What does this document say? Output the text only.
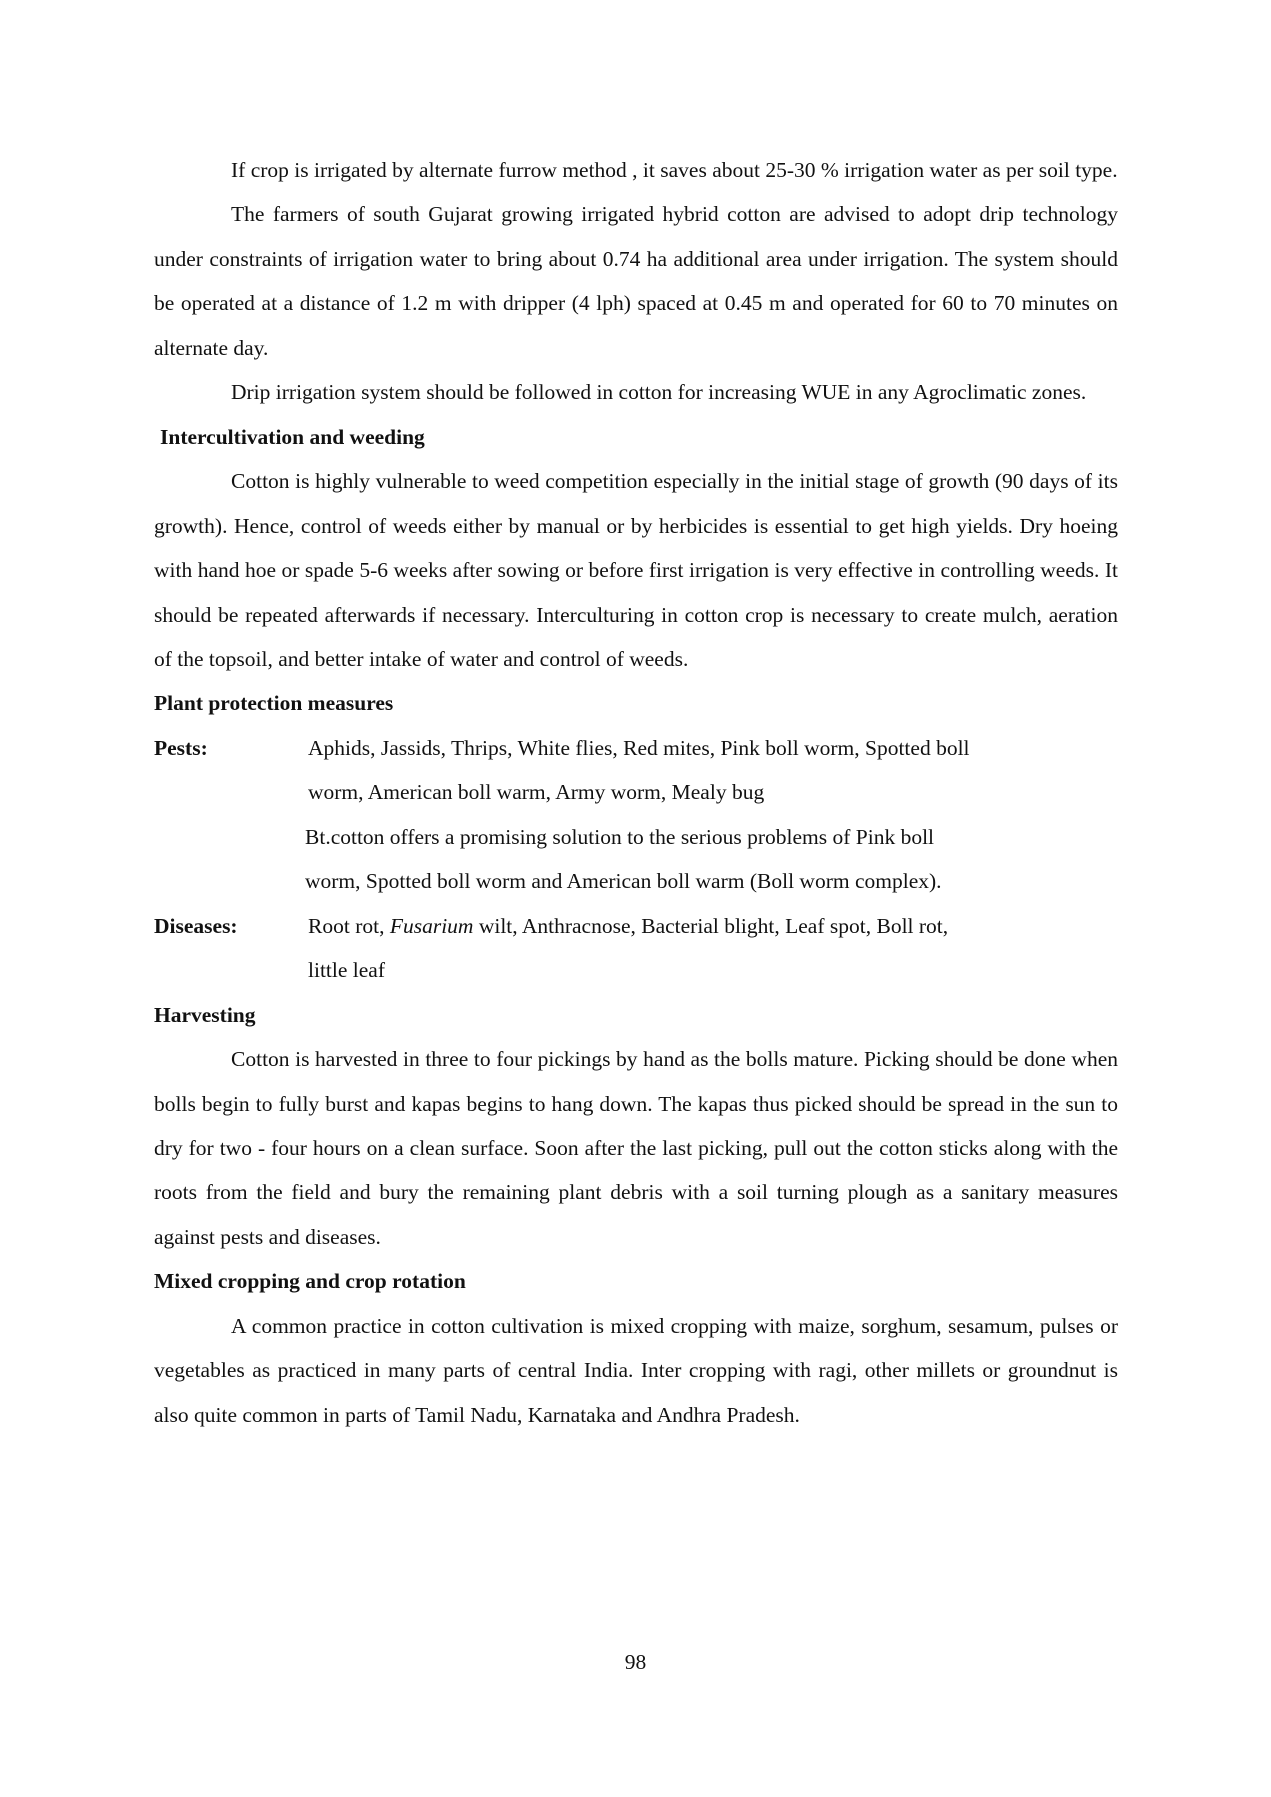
If crop is irrigated by alternate furrow method , it saves about 25-30 % irrigation water as per soil type.

The farmers of south Gujarat growing irrigated hybrid cotton are advised to adopt drip technology under constraints of irrigation water to bring about 0.74 ha additional area under irrigation. The system should be operated at a distance of 1.2 m with dripper (4 lph) spaced at 0.45 m and operated for 60 to 70 minutes on alternate day.

Drip irrigation system should be followed in cotton for increasing WUE in any Agroclimatic zones.

Intercultivation and weeding

Cotton is highly vulnerable to weed competition especially in the initial stage of growth (90 days of its growth). Hence, control of weeds either by manual or by herbicides is essential to get high yields. Dry hoeing with hand hoe or spade 5-6 weeks after sowing or before first irrigation is very effective in controlling weeds. It should be repeated afterwards if necessary. Interculturing in cotton crop is necessary to create mulch, aeration of the topsoil, and better intake of water and control of weeds.

Plant protection measures
Pests:	Aphids, Jassids, Thrips, White flies, Red mites, Pink boll worm, Spotted boll
worm, American boll warm, Army worm, Mealy bug
Bt.cotton offers a promising solution to the serious problems of Pink boll
worm, Spotted boll worm and American boll warm (Boll worm complex).
Diseases:	Root rot, Fusarium wilt, Anthracnose, Bacterial blight, Leaf spot, Boll rot,
little leaf
Harvesting

Cotton is harvested in three to four pickings by hand as the bolls mature. Picking should be done when bolls begin to fully burst and kapas begins to hang down. The kapas thus picked should be spread in the sun to dry for two - four hours on a clean surface. Soon after the last picking, pull out the cotton sticks along with the roots from the field and bury the remaining plant debris with a soil turning plough as a sanitary measures against pests and diseases.

Mixed cropping and crop rotation

A common practice in cotton cultivation is mixed cropping with maize, sorghum, sesamum, pulses or vegetables as practiced in many parts of central India. Inter cropping with ragi, other millets or groundnut is also quite common in parts of Tamil Nadu, Karnataka and Andhra Pradesh.

98
